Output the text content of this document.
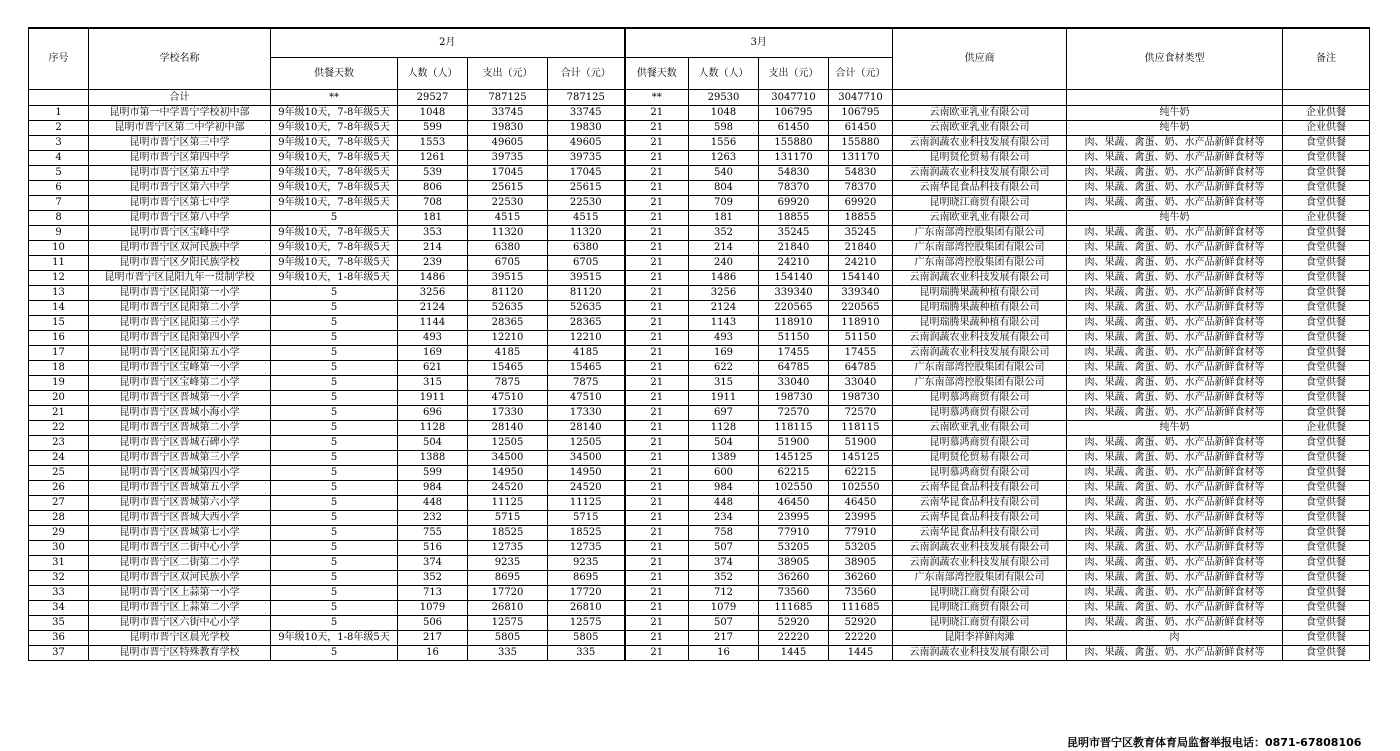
序号	学校名称	2月				3月				供应商	供应食材类型	备注
		供餐天数	人数（人）	支出（元）	合计（元）	供餐天数	人数（人）	支出（元）	合计（元）			
	合计	**	29527	787125	787125	**	29530	3047710	3047710			
1	昆明市第一中学晋宁学校初中部	9年级10天，7-8年级5天	1048	33745	33745	21	1048	106795	106795	云南欧亚乳业有限公司	纯牛奶	企业供餐
2	昆明市晋宁区第二中学初中部	9年级10天，7-8年级5天	599	19830	19830	21	598	61450	61450	云南欧亚乳业有限公司	纯牛奶	企业供餐
3	昆明市晋宁区第三中学	9年级10天，7-8年级5天	1553	49605	49605	21	1556	155880	155880	云南润蔬农业科技发展有限公司	肉、果蔬、禽蛋、奶、水产品新鲜食材等	食堂供餐
4	昆明市晋宁区第四中学	9年级10天，7-8年级5天	1261	39735	39735	21	1263	131170	131170	昆明贤伦贸易有限公司	肉、果蔬、禽蛋、奶、水产品新鲜食材等	食堂供餐
5	昆明市晋宁区第五中学	9年级10天，7-8年级5天	539	17045	17045	21	540	54830	54830	云南润蔬农业科技发展有限公司	肉、果蔬、禽蛋、奶、水产品新鲜食材等	食堂供餐
6	昆明市晋宁区第六中学	9年级10天，7-8年级5天	806	25615	25615	21	804	78370	78370	云南华昆食品科技有限公司	肉、果蔬、禽蛋、奶、水产品新鲜食材等	食堂供餐
7	昆明市晋宁区第七中学	9年级10天，7-8年级5天	708	22530	22530	21	709	69920	69920	昆明晓江商贸有限公司	肉、果蔬、禽蛋、奶、水产品新鲜食材等	食堂供餐
8	昆明市晋宁区第八中学	5	181	4515	4515	21	181	18855	18855	云南欧亚乳业有限公司	纯牛奶	企业供餐
9	昆明市晋宁区宝峰中学	9年级10天，7-8年级5天	353	11320	11320	21	352	35245	35245	广东南部湾控股集团有限公司	肉、果蔬、禽蛋、奶、水产品新鲜食材等	食堂供餐
10	昆明市晋宁区双河民族中学	9年级10天，7-8年级5天	214	6380	6380	21	214	21840	21840	广东南部湾控股集团有限公司	肉、果蔬、禽蛋、奶、水产品新鲜食材等	食堂供餐
11	昆明市晋宁区夕阳民族学校	9年级10天，7-8年级5天	239	6705	6705	21	240	24210	24210	广东南部湾控股集团有限公司	肉、果蔬、禽蛋、奶、水产品新鲜食材等	食堂供餐
12	昆明市晋宁区昆阳九年一贯制学校	9年级10天，1-8年级5天	1486	39515	39515	21	1486	154140	154140	云南润蔬农业科技发展有限公司	肉、果蔬、禽蛋、奶、水产品新鲜食材等	食堂供餐
13	昆明市晋宁区昆阳第一小学	5	3256	81120	81120	21	3256	339340	339340	昆明瑞腾果蔬种植有限公司	肉、果蔬、禽蛋、奶、水产品新鲜食材等	食堂供餐
14	昆明市晋宁区昆阳第二小学	5	2124	52635	52635	21	2124	220565	220565	昆明瑞腾果蔬种植有限公司	肉、果蔬、禽蛋、奶、水产品新鲜食材等	食堂供餐
15	昆明市晋宁区昆阳第三小学	5	1144	28365	28365	21	1143	118910	118910	昆明瑞腾果蔬种植有限公司	肉、果蔬、禽蛋、奶、水产品新鲜食材等	食堂供餐
16	昆明市晋宁区昆阳第四小学	5	493	12210	12210	21	493	51150	51150	云南润蔬农业科技发展有限公司	肉、果蔬、禽蛋、奶、水产品新鲜食材等	食堂供餐
17	昆明市晋宁区昆阳第五小学	5	169	4185	4185	21	169	17455	17455	云南润蔬农业科技发展有限公司	肉、果蔬、禽蛋、奶、水产品新鲜食材等	食堂供餐
18	昆明市晋宁区宝峰第一小学	5	621	15465	15465	21	622	64785	64785	广东南部湾控股集团有限公司	肉、果蔬、禽蛋、奶、水产品新鲜食材等	食堂供餐
19	昆明市晋宁区宝峰第二小学	5	315	7875	7875	21	315	33040	33040	广东南部湾控股集团有限公司	肉、果蔬、禽蛋、奶、水产品新鲜食材等	食堂供餐
20	昆明市晋宁区晋城第一小学	5	1911	47510	47510	21	1911	198730	198730	昆明慕鸿商贸有限公司	肉、果蔬、禽蛋、奶、水产品新鲜食材等	食堂供餐
21	昆明市晋宁区晋城小海小学	5	696	17330	17330	21	697	72570	72570	昆明慕鸿商贸有限公司	肉、果蔬、禽蛋、奶、水产品新鲜食材等	食堂供餐
22	昆明市晋宁区晋城第二小学	5	1128	28140	28140	21	1128	118115	118115	云南欧亚乳业有限公司	纯牛奶	企业供餐
23	昆明市晋宁区晋城石碑小学	5	504	12505	12505	21	504	51900	51900	昆明慕鸿商贸有限公司	肉、果蔬、禽蛋、奶、水产品新鲜食材等	食堂供餐
24	昆明市晋宁区晋城第三小学	5	1388	34500	34500	21	1389	145125	145125	昆明贤伦贸易有限公司	肉、果蔬、禽蛋、奶、水产品新鲜食材等	食堂供餐
25	昆明市晋宁区晋城第四小学	5	599	14950	14950	21	600	62215	62215	昆明慕鸿商贸有限公司	肉、果蔬、禽蛋、奶、水产品新鲜食材等	食堂供餐
26	昆明市晋宁区晋城第五小学	5	984	24520	24520	21	984	102550	102550	云南华昆食品科技有限公司	肉、果蔬、禽蛋、奶、水产品新鲜食材等	食堂供餐
27	昆明市晋宁区晋城第六小学	5	448	11125	11125	21	448	46450	46450	云南华昆食品科技有限公司	肉、果蔬、禽蛋、奶、水产品新鲜食材等	食堂供餐
28	昆明市晋宁区晋城大西小学	5	232	5715	5715	21	234	23995	23995	云南华昆食品科技有限公司	肉、果蔬、禽蛋、奶、水产品新鲜食材等	食堂供餐
29	昆明市晋宁区晋城第七小学	5	755	18525	18525	21	758	77910	77910	云南华昆食品科技有限公司	肉、果蔬、禽蛋、奶、水产品新鲜食材等	食堂供餐
30	昆明市晋宁区二街中心小学	5	516	12735	12735	21	507	53205	53205	云南润蔬农业科技发展有限公司	肉、果蔬、禽蛋、奶、水产品新鲜食材等	食堂供餐
31	昆明市晋宁区二街第二小学	5	374	9235	9235	21	374	38905	38905	云南润蔬农业科技发展有限公司	肉、果蔬、禽蛋、奶、水产品新鲜食材等	食堂供餐
32	昆明市晋宁区双河民族小学	5	352	8695	8695	21	352	36260	36260	广东南部湾控股集团有限公司	肉、果蔬、禽蛋、奶、水产品新鲜食材等	食堂供餐
33	昆明市晋宁区上蒜第一小学	5	713	17720	17720	21	712	73560	73560	昆明晓江商贸有限公司	肉、果蔬、禽蛋、奶、水产品新鲜食材等	食堂供餐
34	昆明市晋宁区上蒜第二小学	5	1079	26810	26810	21	1079	111685	111685	昆明晓江商贸有限公司	肉、果蔬、禽蛋、奶、水产品新鲜食材等	食堂供餐
35	昆明市晋宁区六街中心小学	5	506	12575	12575	21	507	52920	52920	昆明晓江商贸有限公司	肉、果蔬、禽蛋、奶、水产品新鲜食材等	食堂供餐
36	昆明市晋宁区晨光学校	9年级10天，1-8年级5天	217	5805	5805	21	217	22220	22220	昆阳李祥鲜肉滩	肉	食堂供餐
37	昆明市晋宁区特殊教育学校	5	16	335	335	21	16	1445	1445	云南润蔬农业科技发展有限公司	肉、果蔬、禽蛋、奶、水产品新鲜食材等	食堂供餐
昆明市晋宁区教育体育局监督举报电话：0871-67808106
